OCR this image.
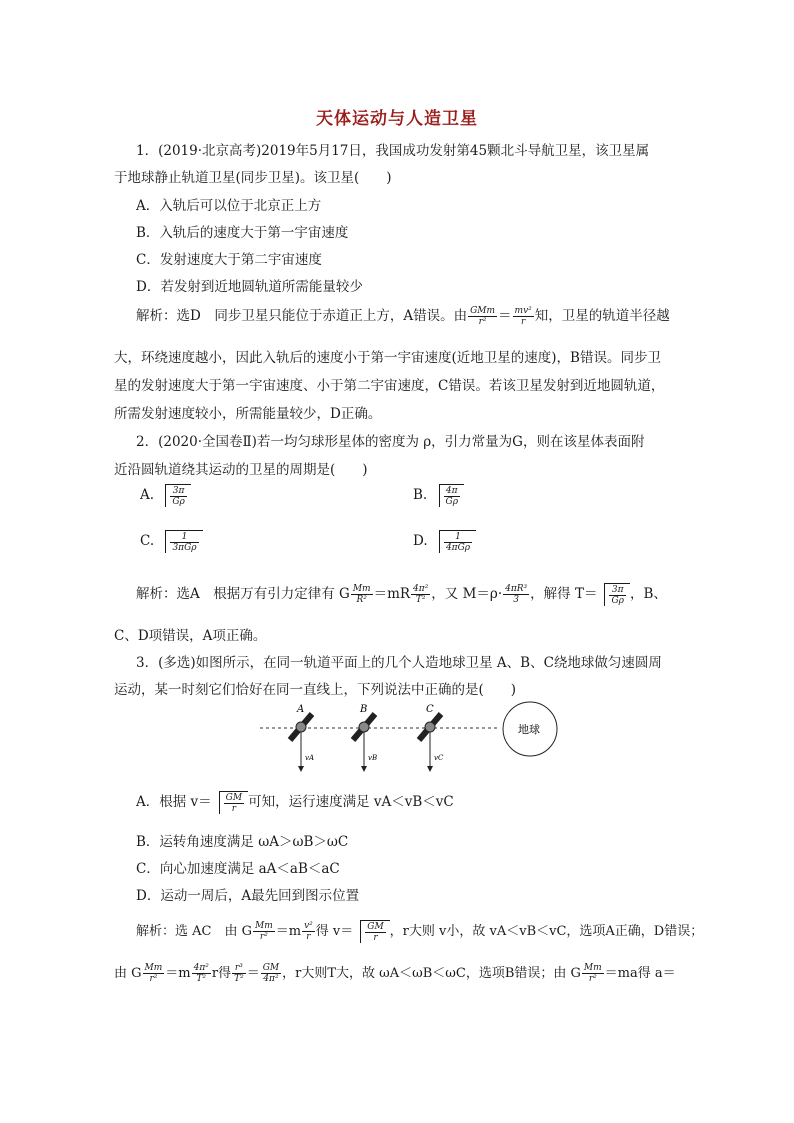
天体运动与人造卫星
1．(2019·北京高考)2019年5月17日，我国成功发射第45颗北斗导航卫星，该卫星属
于地球静止轨道卫星(同步卫星)。该卫星(　　)
A．入轨后可以位于北京正上方
B．入轨后的速度大于第一宇宙速度
C．发射速度大于第二宇宙速度
D．若发射到近地圆轨道所需能量较少
解析：选D　同步卫星只能位于赤道正上方，A错误。由 $\frac{\text{GMm}}{\text{r²}} = \frac{\text{mv²}}{r}$ 知，卫星的轨道半径越
大，环绕速度越小，因此入轨后的速度小于第一宇宙速度(近地卫星的速度)，B错误。同步卫
星的发射速度大于第一宇宙速度、小于第二宇宙速度，C错误。若该卫星发射到近地圆轨道，
所需发射速度较小，所需能量较少，D正确。
2．(2020·全国卷Ⅱ)若一均匀球形星体的密度为 ρ，引力常量为G，则在该星体表面附
近沿圆轨道绕其运动的卫星的周期是(　　)
A. $\frac{3\pi}{G\rho}$	B. $\frac{4\pi}{G\rho}$
C. $\frac{1}{\text{3πGρ}}$	D. $\frac{1}{\text{4πGρ}}$
解析：选A　根据万有引力定律有 G $\frac{Mm}{\text{R²}} =mR \frac{\text{4π²}}{\text{T²}}$ ，又 $M=\rho\cdot \frac{\text{4πR³}}{3}$ ，解得 $T= \frac{3\pi}{G\rho}$ ，B、
C、D项错误，A项正确。
3．(多选)如图所示，在同一轨道平面上的几个人造地球卫星 A、B、C绕地球做匀速圆周
运动，某一时刻它们恰好在同一直线上，下列说法中正确的是(　　)
A
vA
B
vB
C
vC
地球
A．根据 $v= \frac{GM}{r}$ 可知，运行速度满足 vA＜vB＜vC
B．运转角速度满足 ωA＞ωB＞ωC
C．向心加速度满足 aA＜aB＜aC
D．运动一周后，A最先回到图示位置
解析：选 AC　由 G $\frac{Mm}{\text{r²}} =m \frac{\text{v²}}{r}$ 得 $v= \frac{GM}{r}$ ，r大则 v小，故 vA＜vB＜vC，选项A正确，D错误；
由 G $\frac{Mm}{\text{r²}} =m \frac{\text{4π²}}{\text{T²}}$ r得 $\frac{\text{r³}}{\text{T²}} = \frac{GM}{\text{4π²}}$ ，r大则T大，故 ωA＜ωB＜ωC，选项B错误；由 G $\frac{Mm}{\text{r²}} =ma$得 a＝
